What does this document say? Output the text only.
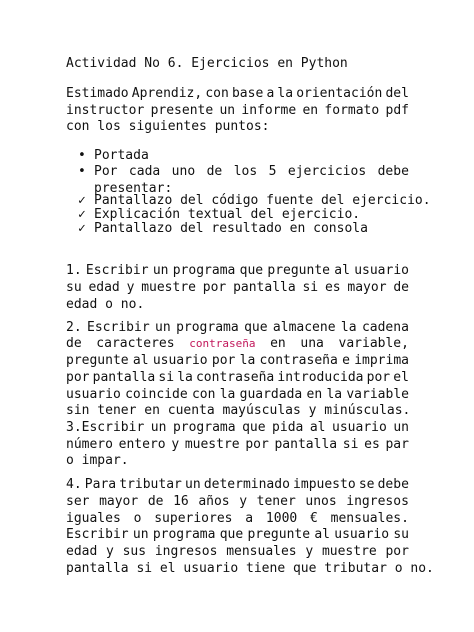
Actividad No 6. Ejercicios en Python
Estimado Aprendiz, con base a la orientación del
instructor presente un informe en formato pdf
con los siguientes puntos:
• Portada
• Por cada uno de los 5 ejercicios debe
presentar:
✓ Pantallazo del código fuente del ejercicio.
✓ Explicación textual del ejercicio.
✓ Pantallazo del resultado en consola
1. Escribir un programa que pregunte al usuario
su edad y muestre por pantalla si es mayor de
edad o no.
2. Escribir un programa que almacene la cadena
de caracteres contraseña en una variable,
pregunte al usuario por la contraseña e imprima
por pantalla si la contraseña introducida por el
usuario coincide con la guardada en la variable
sin tener en cuenta mayúsculas y minúsculas.
3.Escribir un programa que pida al usuario un
número entero y muestre por pantalla si es par
o impar.
4. Para tributar un determinado impuesto se debe
ser mayor de 16 años y tener unos ingresos
iguales o superiores a 1000 € mensuales.
Escribir un programa que pregunte al usuario su
edad y sus ingresos mensuales y muestre por
pantalla si el usuario tiene que tributar o no.
